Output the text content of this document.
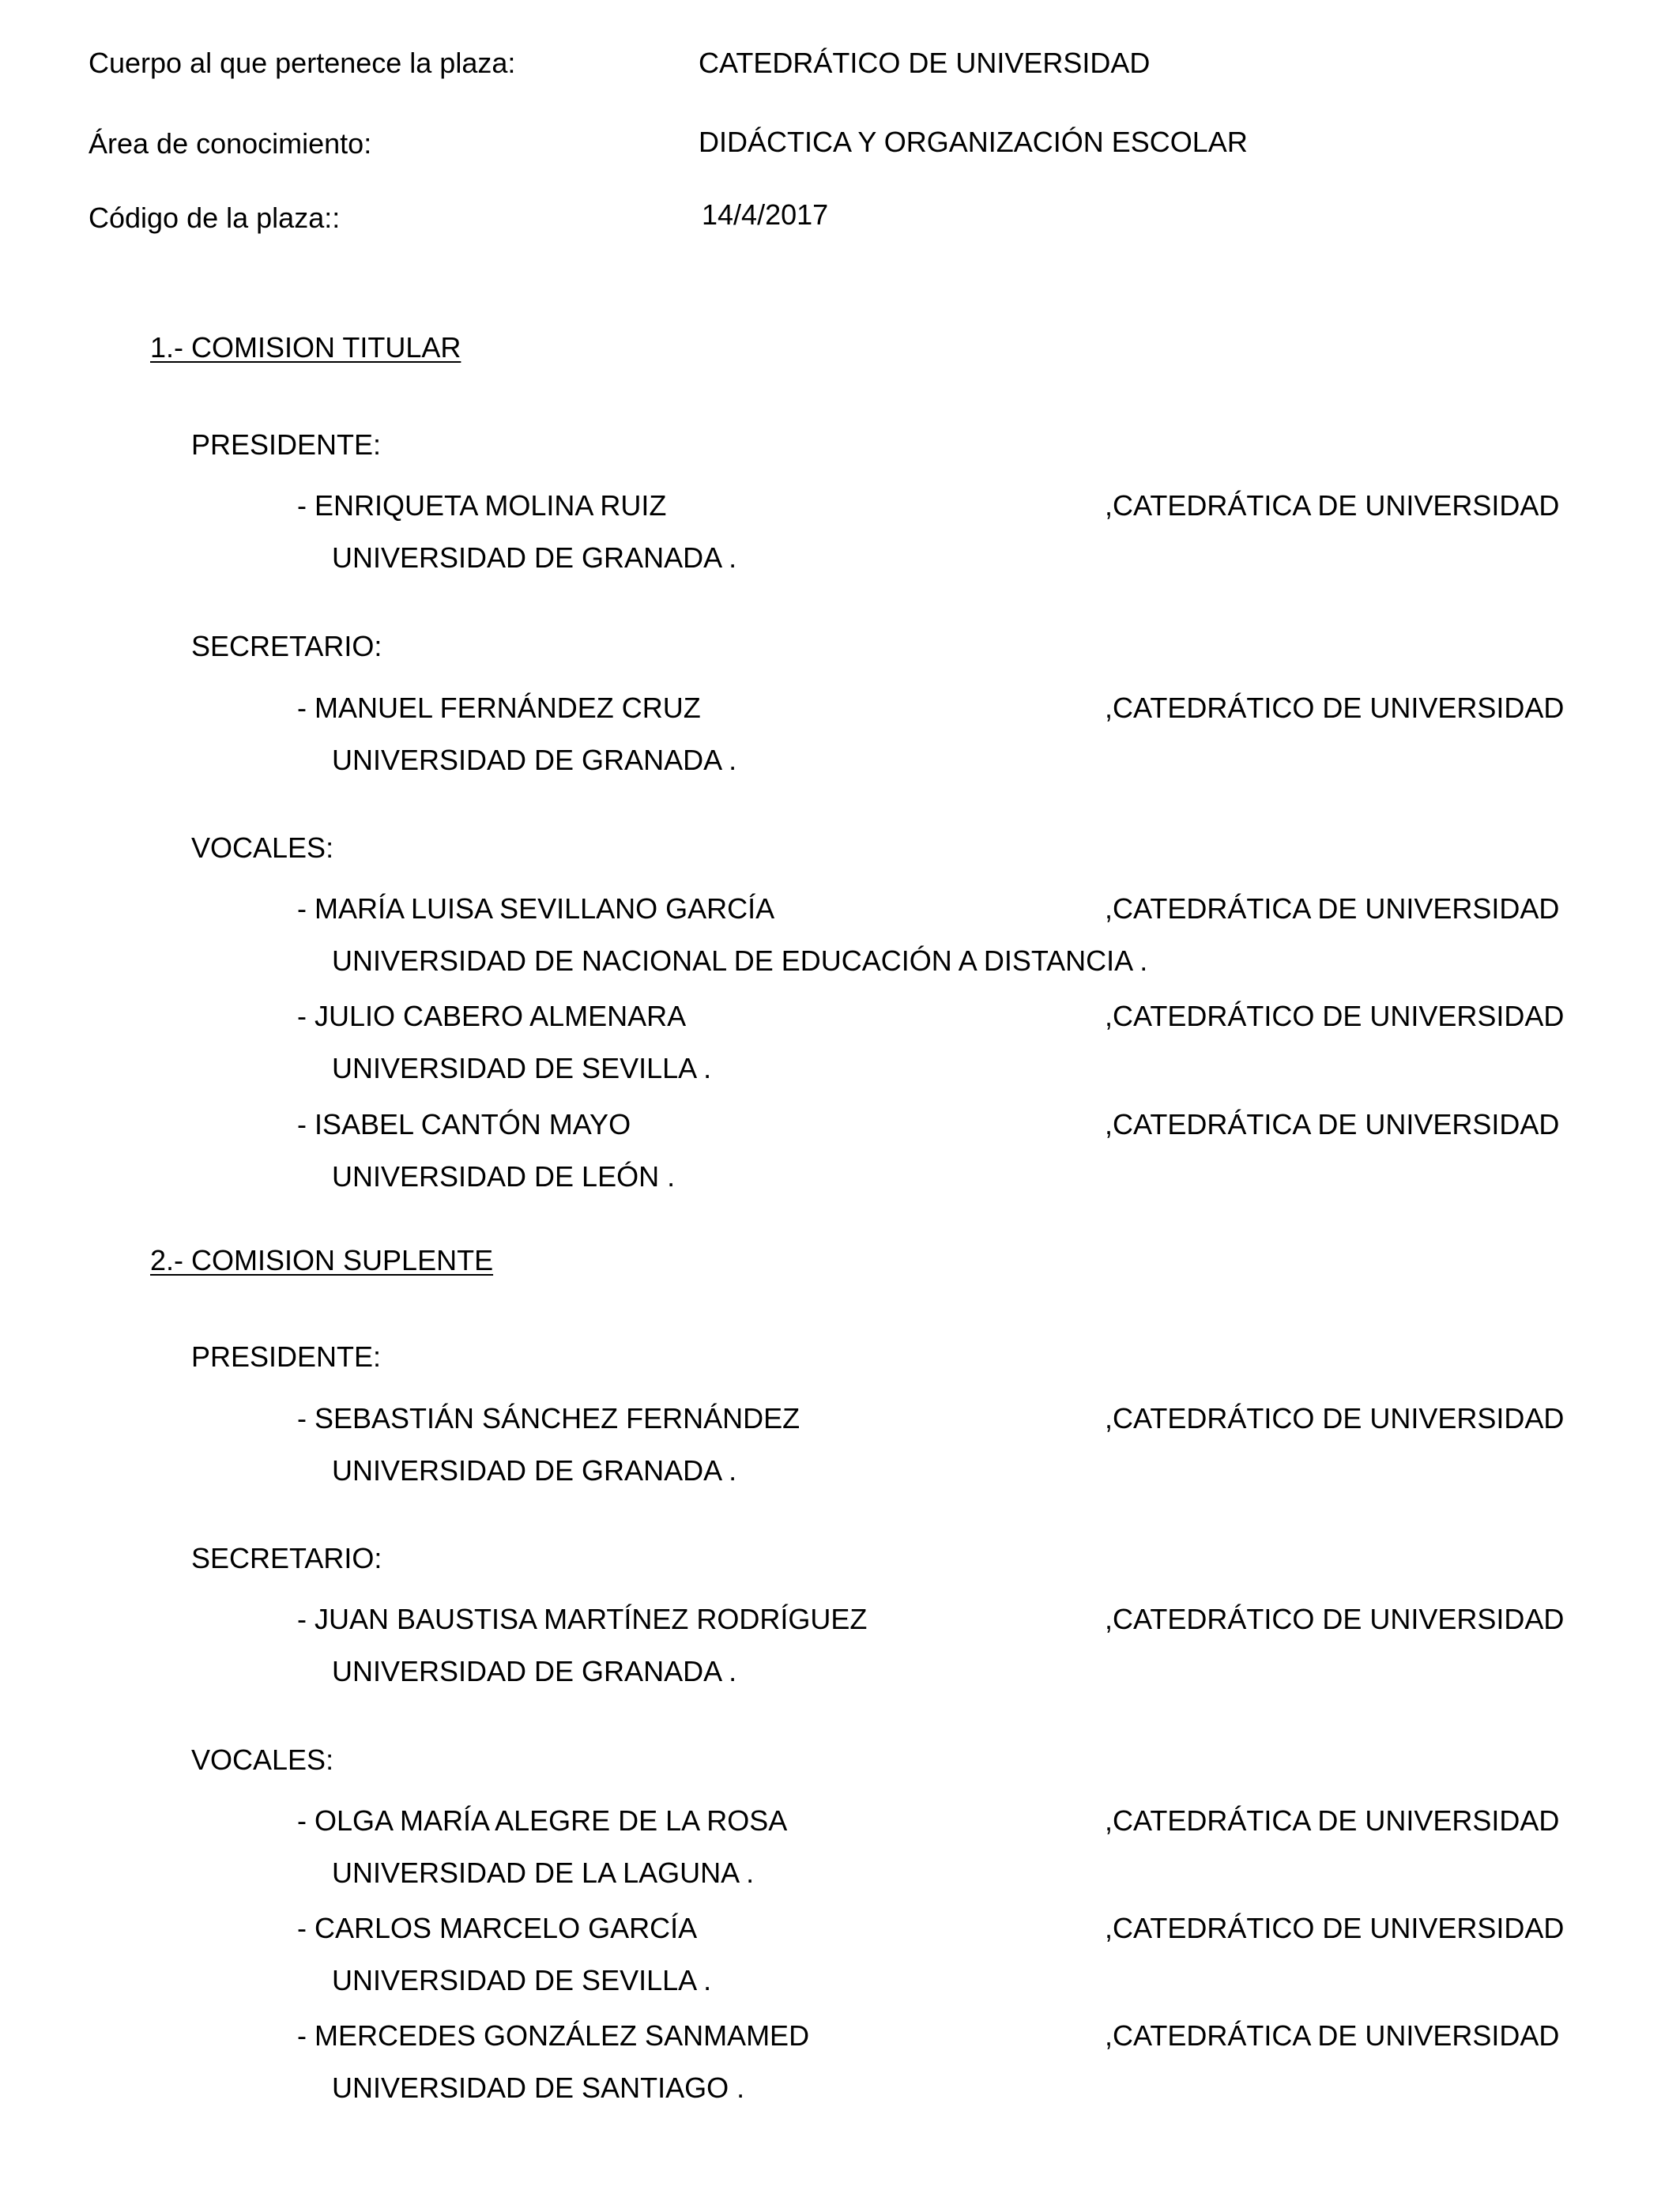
Cuerpo al que pertenece la plaza:	CATEDRÁTICO DE UNIVERSIDAD
Área de conocimiento:	DIDÁCTICA Y ORGANIZACIÓN ESCOLAR
Código de la plaza::	14/4/2017
1.- COMISION TITULAR
PRESIDENTE:
- ENRIQUETA MOLINA RUIZ	,CATEDRÁTICA DE UNIVERSIDAD
UNIVERSIDAD DE GRANADA .
SECRETARIO:
- MANUEL FERNÁNDEZ CRUZ	,CATEDRÁTICO DE UNIVERSIDAD
UNIVERSIDAD DE GRANADA .
VOCALES:
- MARÍA LUISA SEVILLANO GARCÍA	,CATEDRÁTICA DE UNIVERSIDAD
UNIVERSIDAD DE NACIONAL DE EDUCACIÓN A DISTANCIA .
- JULIO CABERO ALMENARA	,CATEDRÁTICO DE UNIVERSIDAD
UNIVERSIDAD DE SEVILLA .
- ISABEL CANTÓN MAYO	,CATEDRÁTICA DE UNIVERSIDAD
UNIVERSIDAD DE LEÓN .
2.- COMISION SUPLENTE
PRESIDENTE:
- SEBASTIÁN SÁNCHEZ FERNÁNDEZ	,CATEDRÁTICO DE UNIVERSIDAD
UNIVERSIDAD DE GRANADA .
SECRETARIO:
- JUAN BAUSTISA MARTÍNEZ RODRÍGUEZ	,CATEDRÁTICO DE UNIVERSIDAD
UNIVERSIDAD DE GRANADA .
VOCALES:
- OLGA MARÍA ALEGRE DE LA ROSA	,CATEDRÁTICA DE UNIVERSIDAD
UNIVERSIDAD DE LA LAGUNA .
- CARLOS MARCELO GARCÍA	,CATEDRÁTICO DE UNIVERSIDAD
UNIVERSIDAD DE SEVILLA .
- MERCEDES GONZÁLEZ SANMAMED	,CATEDRÁTICA DE UNIVERSIDAD
UNIVERSIDAD DE SANTIAGO .
